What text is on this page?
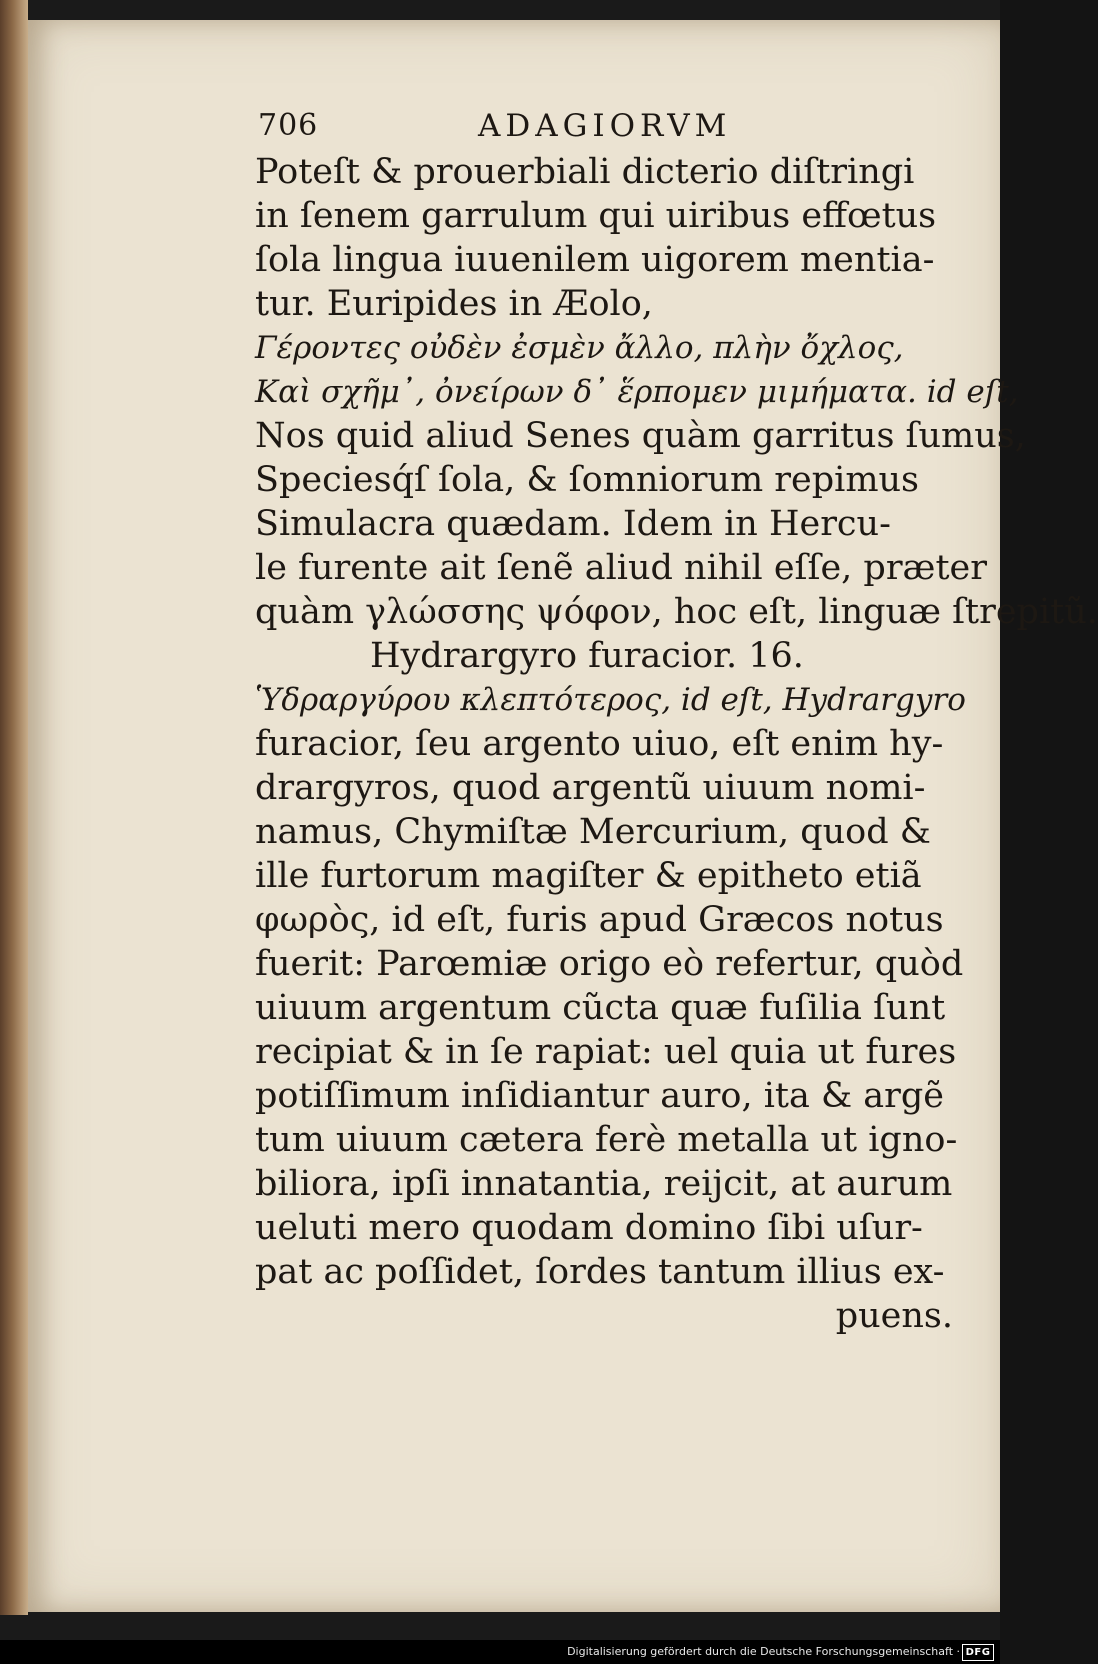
706	ADAGIORVM
Poteſt & prouerbiali dicterio diſtringi
in ſenem garrulum qui uiribus effœtus
ſola lingua iuuenilem uigorem mentia-
tur. Euripides in Æolo,
Γέροντες οὐδὲν ἐσμὲν ἄλλο, πλὴν ὄχλος,
Καὶ σχῆμ᾽, ὀνείρων δ᾽ ἕρπομεν μιμήματα. id eſt,
Nos quid aliud Senes quàm garritus ſumus,
Speciesq́ſ ſola, & ſomniorum repimus
Simulacra quædam. Idem in Hercu-
le furente ait ſenẽ aliud nihil eſſe, præter
quàm γλώσσης ψόφον, hoc eſt, linguæ ſtrepitũ.
Hydrargyro furacior. 16.
Ὑδραργύρου κλεπτότερος, id eſt, Hydrargyro
furacior, ſeu argento uiuo, eſt enim hy-
drargyros, quod argentũ uiuum nomi-
namus, Chymiſtæ Mercurium, quod &
ille furtorum magiſter & epitheto etiã
φωρὸς, id eſt, furis apud Græcos notus
fuerit: Parœmiæ origo eò refertur, quòd
uiuum argentum cũcta quæ fuſilia ſunt
recipiat & in ſe rapiat: uel quia ut fures
potiſſimum inſidiantur auro, ita & argẽ
tum uiuum cætera ferè metalla ut igno-
biliora, ipſi innatantia, reijcit, at aurum
ueluti mero quodam domino ſibi uſur-
pat ac poſſidet, ſordes tantum illius ex-
puens.
Digitalisierung gefördert durch die Deutsche Forschungsgemeinschaft · DFG
